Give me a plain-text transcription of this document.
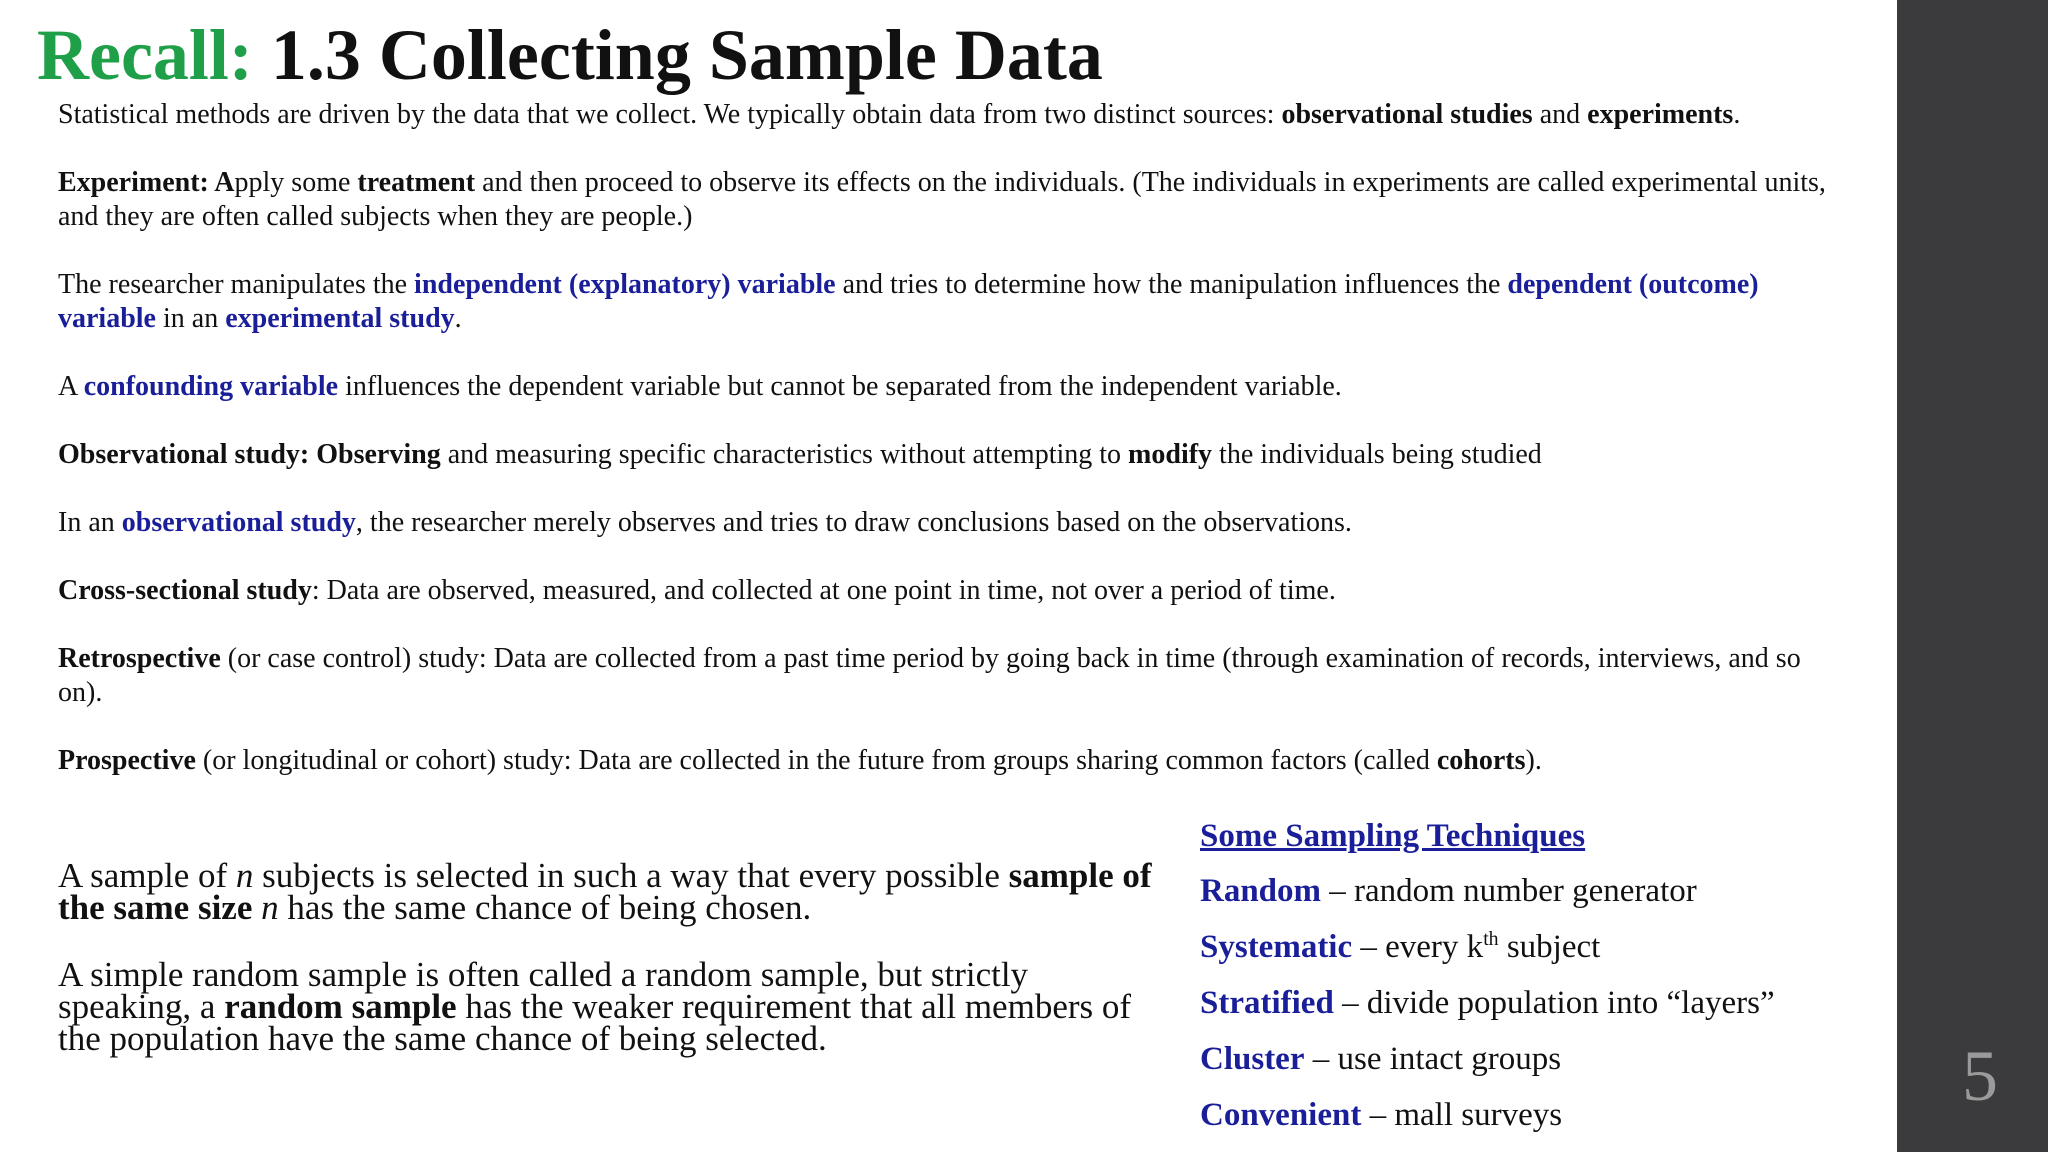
Recall: 1.3 Collecting Sample Data

Statistical methods are driven by the data that we collect. We typically obtain data from two distinct sources: observational studies and experiments.

Experiment: Apply some treatment and then proceed to observe its effects on the individuals. (The individuals in experiments are called experimental units, and they are often called subjects when they are people.)

The researcher manipulates the independent (explanatory) variable and tries to determine how the manipulation influences the dependent (outcome) variable in an experimental study.

A confounding variable influences the dependent variable but cannot be separated from the independent variable.

Observational study: Observing and measuring specific characteristics without attempting to modify the individuals being studied

In an observational study, the researcher merely observes and tries to draw conclusions based on the observations.

Cross-sectional study: Data are observed, measured, and collected at one point in time, not over a period of time.

Retrospective (or case control) study: Data are collected from a past time period by going back in time (through examination of records, interviews, and so on).

Prospective (or longitudinal or cohort) study: Data are collected in the future from groups sharing common factors (called cohorts).

A sample of n subjects is selected in such a way that every possible sample of the same size n has the same chance of being chosen.

A simple random sample is often called a random sample, but strictly speaking, a random sample has the weaker requirement that all members of the population have the same chance of being selected.

Some Sampling Techniques
Random – random number generator
Systematic – every $k^{th}$ subject
Stratified – divide population into “layers”
Cluster – use intact groups
Convenient – mall surveys	5
